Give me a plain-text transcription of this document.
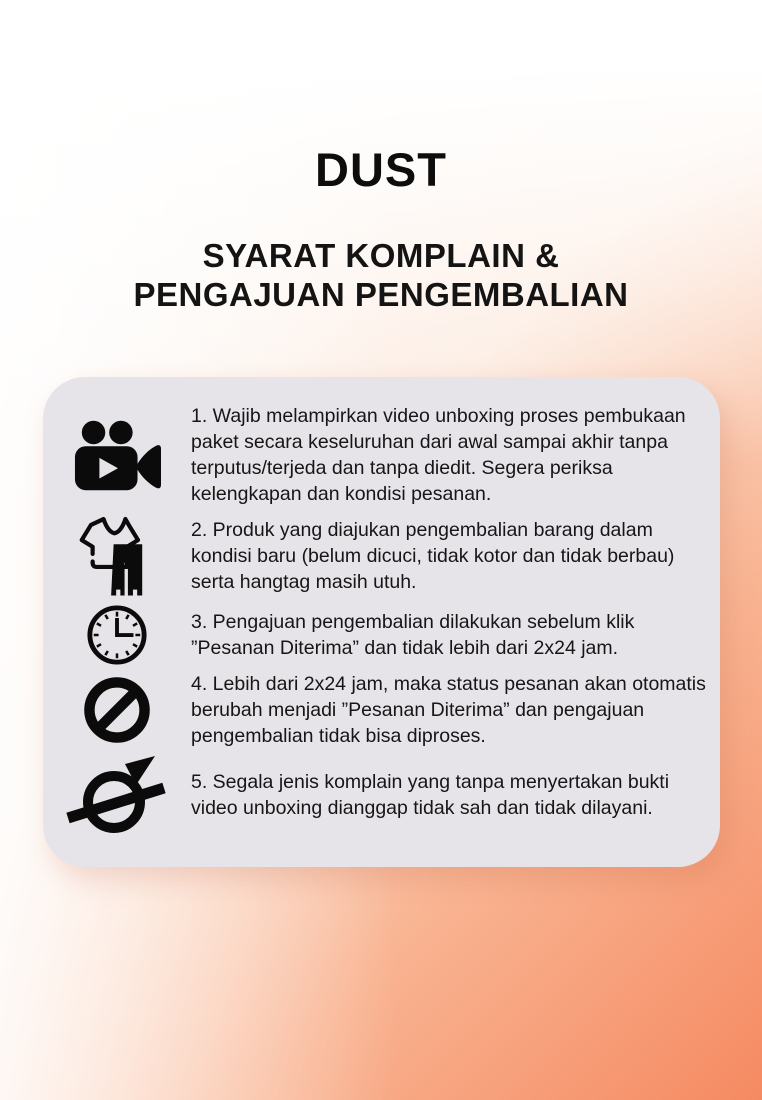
DUST
SYARAT KOMPLAIN &
PENGAJUAN PENGEMBALIAN
1. Wajib melampirkan video unboxing proses pembukaan paket secara keseluruhan dari awal sampai akhir tanpa terputus/terjeda dan tanpa diedit. Segera periksa kelengkapan dan kondisi pesanan.
2. Produk yang diajukan pengembalian barang dalam kondisi baru (belum dicuci, tidak kotor dan tidak berbau) serta hangtag masih utuh.
3. Pengajuan pengembalian dilakukan sebelum klik ”Pesanan Diterima” dan tidak lebih dari 2x24 jam.
4. Lebih dari 2x24 jam, maka status pesanan akan otomatis berubah menjadi ”Pesanan Diterima” dan pengajuan pengembalian tidak bisa diproses.
5. Segala jenis komplain yang tanpa menyertakan bukti video unboxing dianggap tidak sah dan tidak dilayani.
